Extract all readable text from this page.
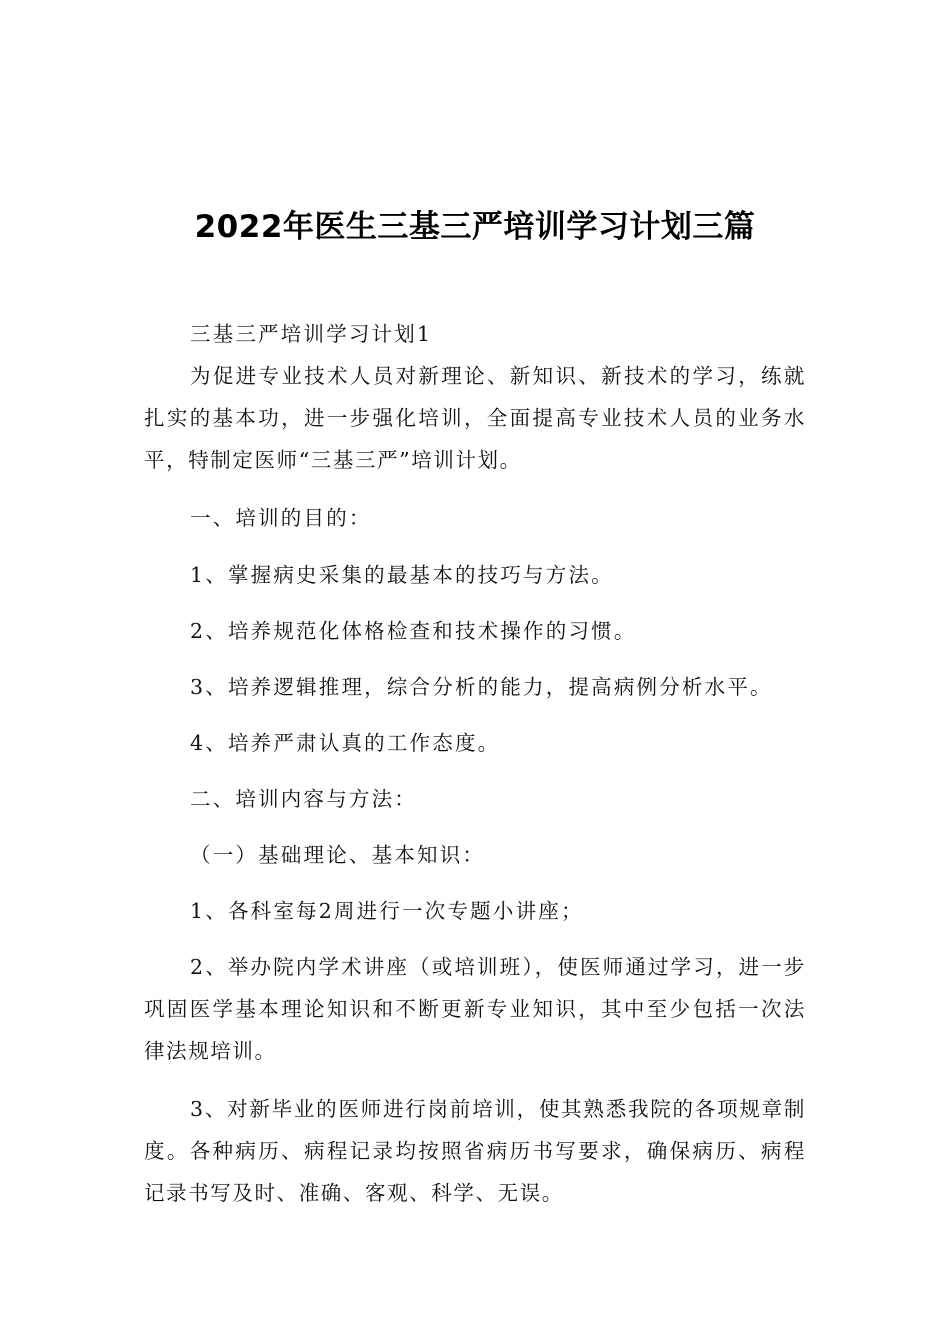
2022年医生三基三严培训学习计划三篇
三基三严培训学习计划1
为促进专业技术人员对新理论、新知识、新技术的学习，练就扎实的基本功，进一步强化培训，全面提高专业技术人员的业务水平，特制定医师“三基三严”培训计划。
一、培训的目的：
1、掌握病史采集的最基本的技巧与方法。
2、培养规范化体格检查和技术操作的习惯。
3、培养逻辑推理，综合分析的能力，提高病例分析水平。
4、培养严肃认真的工作态度。
二、培训内容与方法：
（一）基础理论、基本知识：
1、各科室每2周进行一次专题小讲座；
2、举办院内学术讲座（或培训班），使医师通过学习，进一步巩固医学基本理论知识和不断更新专业知识，其中至少包括一次法律法规培训。
3、对新毕业的医师进行岗前培训，使其熟悉我院的各项规章制度。各种病历、病程记录均按照省病历书写要求，确保病历、病程记录书写及时、准确、客观、科学、无误。
